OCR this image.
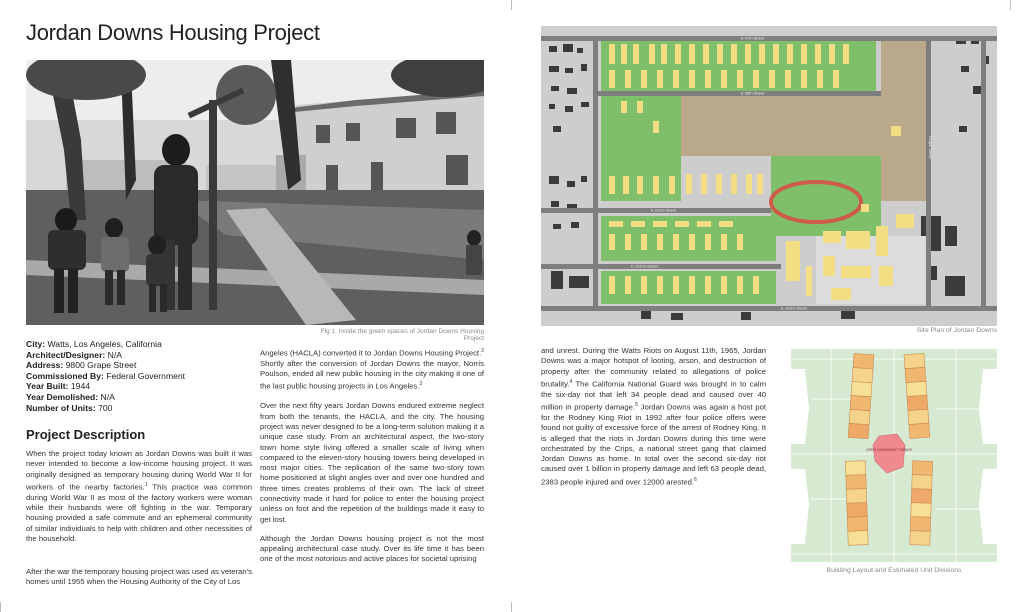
Jordan Downs Housing Project
Fig 1: Inside the green spaces of Jordan Downs Housing Project
City: Watts, Los Angeles, California
Architect/Designer: N/A
Address: 9800 Grape Street
Commissioned By: Federal Government
Year Built: 1944
Year Demolished: N/A
Number of Units: 700
Project Description

When the project today known as Jordan Downs was built it was never intended to become a low-income housing project. It was originally designed as temporary housing during World War II for workers of the nearby factories.$^1$ This practice was common during World War II as most of the factory workers were woman while their husbands were off fighting in the war. Temporary housing provided a safe commute and an ephemeral community of similar individuals to help with children and other necessities of the household.

After the war the temporary housing project was used as veteran's homes until 1955 when the Housing Authority of the City of Los

Angeles (HACLA) converted it to Jordan Downs Housing Project.$^2$ Shortly after the conversion of Jordan Downs the mayor, Norris Poulson, ended all new public housing in the city making it one of the last public housing projects in Los Angeles.$^3$

Over the next fifty years Jordan Downs endured extreme neglect from both the tenants, the HACLA, and the city. The housing project was never designed to be a long-term solution making it a unique case study. From an architectural aspect, the two-story town home style living offered a smaller scale of living when compared to the eleven-story housing towers being developed in most major cities. The replication of the same two-story town home positioned at slight angles over and over one hundred and three times creates problems of their own. The lack of street connectivity made it hard for police to enter the housing project unless on foot and the repetition of the buildings made it easy to get lost.

Although the Jordan Downs housing project is not the most appealing architectural case study. Over its life time it has been one of the most notorious and active places for societal uprising

and unrest. During the Watts Riots on August 11th, 1965, Jordan Downs was a major hotspot of looting, arson, and destruction of property after the community related to allegations of police brutality.$^4$ The California National Guard was brought in to calm the six-day riot that left 34 people dead and caused over 40 million in property damage.$^5$ Jordan Downs was again a host pot for the Rodney King Riot in 1992 after four police offers were found not guilty of excessive force of the arrest of Rodney King. It is alleged that the riots in Jordan Downs during this time were orchestrated by the Crips, a national street gang that claimed Jordan Downs as home. In total over the second six-day riot caused over 1 billion in property damage and left 63 people dead, 2383 people injured and over 12000 arested.$^6$

E 97th Street
E 98th Street
E 101st Street
E 102nd Street
E 103rd Street
Grape Street
Site Plan of Jordan Downs
OPEN COMMUNITY SPACE
Building Layout and Estimated Unit Divisions
